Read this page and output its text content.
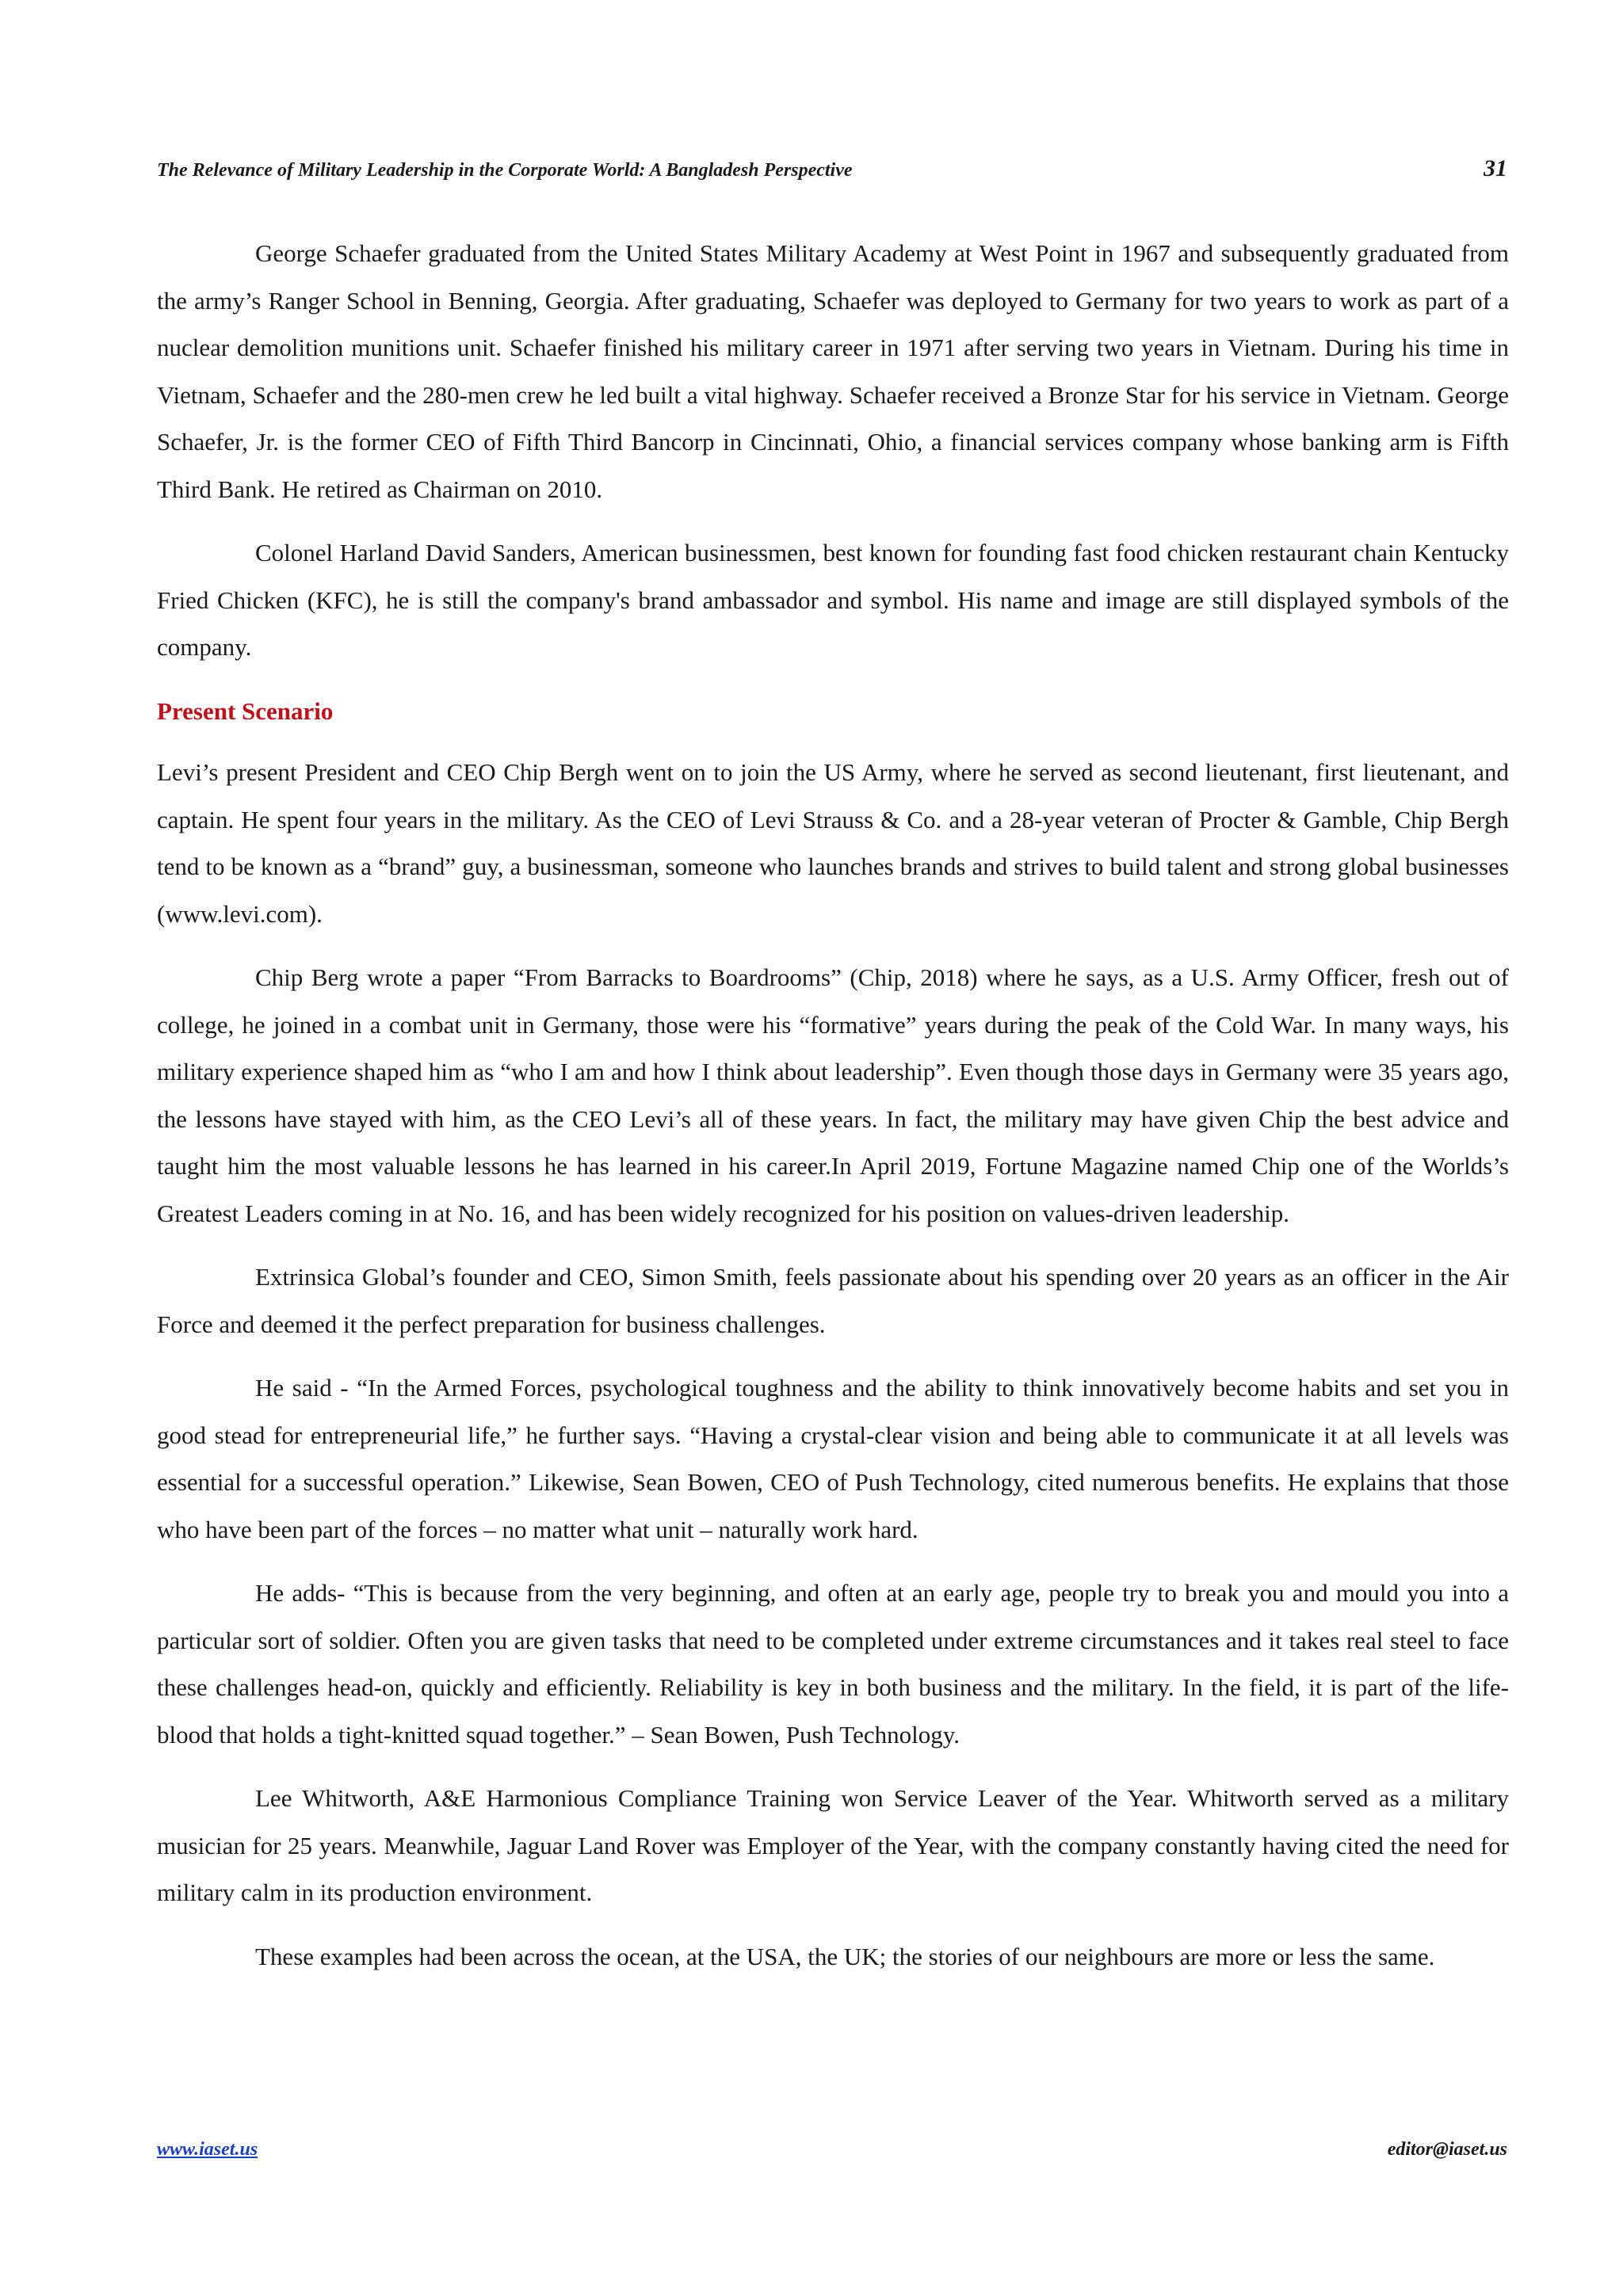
The Relevance of Military Leadership in the Corporate World: A Bangladesh Perspective	31

George Schaefer graduated from the United States Military Academy at West Point in 1967 and subsequently graduated from the army’s Ranger School in Benning, Georgia. After graduating, Schaefer was deployed to Germany for two years to work as part of a nuclear demolition munitions unit. Schaefer finished his military career in 1971 after serving two years in Vietnam. During his time in Vietnam, Schaefer and the 280-men crew he led built a vital highway. Schaefer received a Bronze Star for his service in Vietnam. George Schaefer, Jr. is the former CEO of Fifth Third Bancorp in Cincinnati, Ohio, a financial services company whose banking arm is Fifth Third Bank. He retired as Chairman on 2010.

Colonel Harland David Sanders, American businessmen, best known for founding fast food chicken restaurant chain Kentucky Fried Chicken (KFC), he is still the company's brand ambassador and symbol. His name and image are still displayed symbols of the company.

Present Scenario

Levi’s present President and CEO Chip Bergh went on to join the US Army, where he served as second lieutenant, first lieutenant, and captain. He spent four years in the military. As the CEO of Levi Strauss & Co. and a 28-year veteran of Procter & Gamble, Chip Bergh tend to be known as a “brand” guy, a businessman, someone who launches brands and strives to build talent and strong global businesses (www.levi.com).

Chip Berg wrote a paper “From Barracks to Boardrooms” (Chip, 2018) where he says, as a U.S. Army Officer, fresh out of college, he joined in a combat unit in Germany, those were his “formative” years during the peak of the Cold War. In many ways, his military experience shaped him as “who I am and how I think about leadership”. Even though those days in Germany were 35 years ago, the lessons have stayed with him, as the CEO Levi’s all of these years. In fact, the military may have given Chip the best advice and taught him the most valuable lessons he has learned in his career.In April 2019, Fortune Magazine named Chip one of the Worlds’s Greatest Leaders coming in at No. 16, and has been widely recognized for his position on values-driven leadership.

Extrinsica Global’s founder and CEO, Simon Smith, feels passionate about his spending over 20 years as an officer in the Air Force and deemed it the perfect preparation for business challenges.

He said - “In the Armed Forces, psychological toughness and the ability to think innovatively become habits and set you in good stead for entrepreneurial life,” he further says. “Having a crystal-clear vision and being able to communicate it at all levels was essential for a successful operation.” Likewise, Sean Bowen, CEO of Push Technology, cited numerous benefits. He explains that those who have been part of the forces – no matter what unit – naturally work hard.

He adds- “This is because from the very beginning, and often at an early age, people try to break you and mould you into a particular sort of soldier. Often you are given tasks that need to be completed under extreme circumstances and it takes real steel to face these challenges head-on, quickly and efficiently. Reliability is key in both business and the military. In the field, it is part of the life-blood that holds a tight-knitted squad together.” – Sean Bowen, Push Technology.

Lee Whitworth, A&E Harmonious Compliance Training won Service Leaver of the Year. Whitworth served as a military musician for 25 years. Meanwhile, Jaguar Land Rover was Employer of the Year, with the company constantly having cited the need for military calm in its production environment.

These examples had been across the ocean, at the USA, the UK; the stories of our neighbours are more or less the same.

www.iaset.us	editor@iaset.us
